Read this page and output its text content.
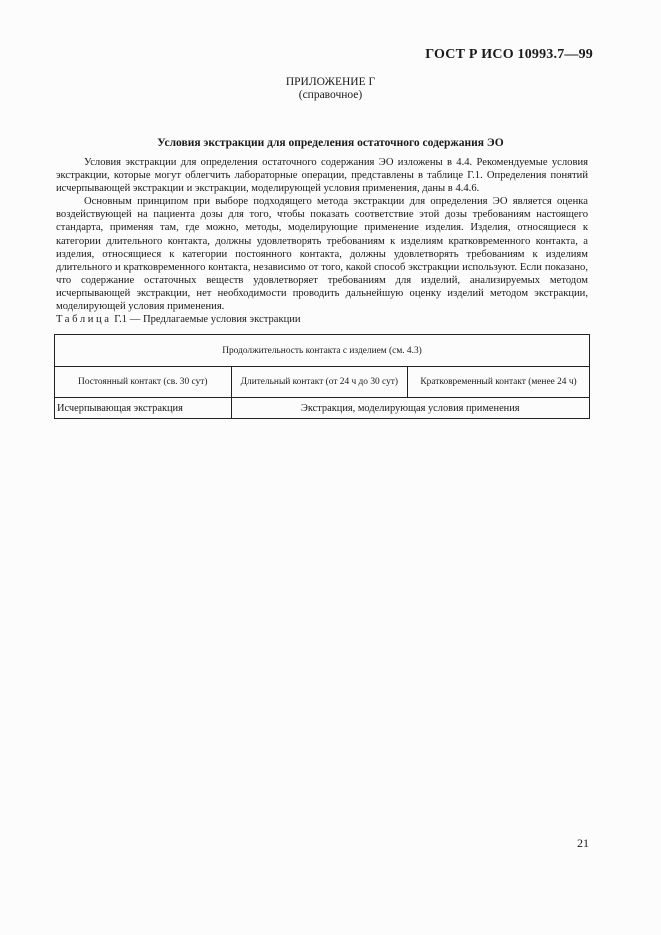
ГОСТ Р ИСО 10993.7—99
ПРИЛОЖЕНИЕ Г
(справочное)
Условия экстракции для определения остаточного содержания ЭО

Условия экстракции для определения остаточного содержания ЭО изложены в 4.4. Рекомендуемые условия экстракции, которые могут облегчить лабораторные операции, представлены в таблице Г.1. Определения понятий исчерпывающей экстракции и экстракции, моделирующей условия применения, даны в 4.4.6.

Основным принципом при выборе подходящего метода экстракции для определения ЭО является оценка воздействующей на пациента дозы для того, чтобы показать соответствие этой дозы требованиям настоящего стандарта, применяя там, где можно, методы, моделирующие применение изделия. Изделия, относящиеся к категории длительного контакта, должны удовлетворять требованиям к изделиям кратковременного контакта, а изделия, относящиеся к категории постоянного контакта, должны удовлетворять требованиям к изделиям длительного и кратковременного контакта, независимо от того, какой способ экстракции используют. Если показано, что содержание остаточных веществ удовлетворяет требованиям для изделий, анализируемых методом исчерпывающей экстракции, нет необходимости проводить дальнейшую оценку изделий методом экстракции, моделирующей условия применения.

Таблица Г.1 — Предлагаемые условия экстракции
Продолжительность контакта с изделием (см. 4.3)		
Постоянный контакт (св. 30 сут)	Длительный контакт (от 24 ч до 30 сут)	Кратковременный контакт (менее 24 ч)
Исчерпывающая экстракция	Экстракция, моделирующая условия применения	
21
